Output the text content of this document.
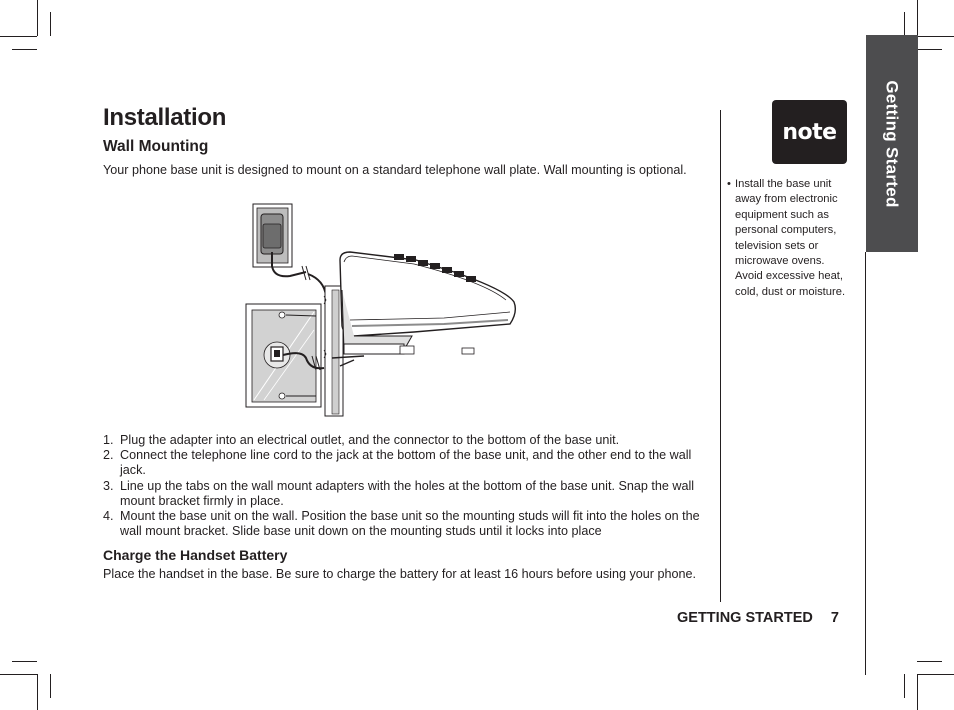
Getting Started
Installation
Wall Mounting

Your phone base unit is designed to mount on a standard telephone wall plate. Wall mounting is optional.

1. Plug the adapter into an electrical outlet, and the connector to the bottom of the base unit.
2. Connect the telephone line cord to the jack at the bottom of the base unit, and the other end to the wall jack.
3. Line up the tabs on the wall mount adapters with the holes at the bottom of the base unit. Snap the wall mount bracket firmly in place.
4. Mount the base unit on the wall. Position the base unit so the mounting studs will fit into the holes on the wall mount bracket. Slide base unit down on the mounting studs until it locks into place
Charge the Handset Battery

Place the handset in the base. Be sure to charge the battery for at least 16 hours before using your phone.

note
• Install the base unit away from electronic equipment such as personal computers, television sets or microwave ovens. Avoid excessive heat, cold, dust or moisture.
GETTING STARTED 7
